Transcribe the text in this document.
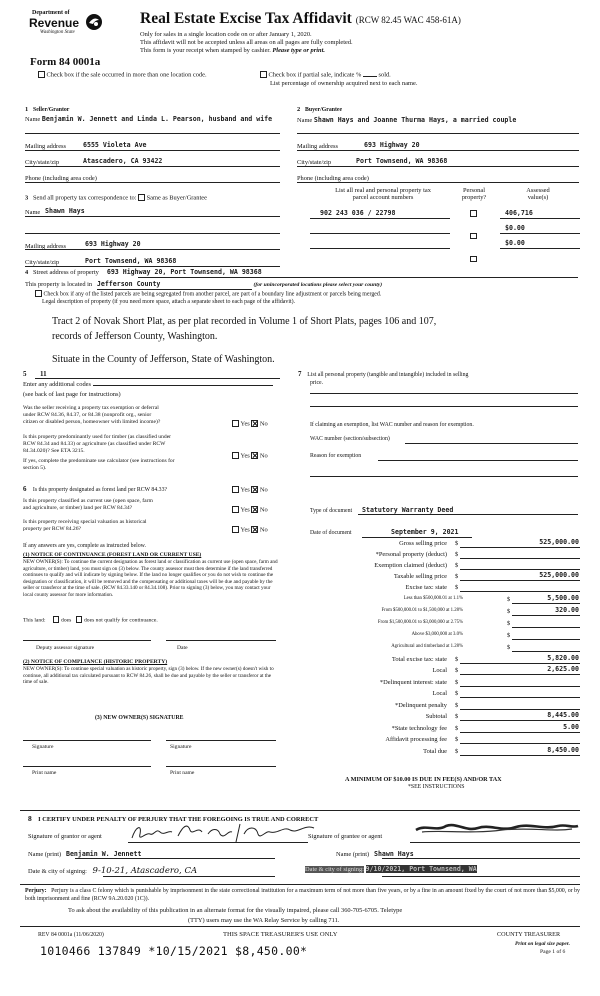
Department of
Revenue
Washington State
Form 84 0001a
Real Estate Excise Tax Affidavit (RCW 82.45 WAC 458-61A)
Only for sales in a single location code on or after January 1, 2020.
This affidavit will not be accepted unless all areas on all pages are fully completed.
This form is your receipt when stamped by cashier. Please type or print.
Check box if the sale occurred in more than one location code.	Check box if partial sale, indicate %	sold.
List percentage of ownership acquired next to each name.
1 Seller/Grantor
Name Benjamin W. Jennett and Linda L. Pearson, husband and wife
Mailing address	6555 Violeta Ave
City/state/zip	Atascadero, CA 93422
Phone (including area code)
2 Buyer/Grantee
Name Shawn Hays and Joanne Thurma Hays, a married couple
Mailing address	693 Highway 20
City/state/zip	Port Townsend, WA 98368
Phone (including area code)
3 Send all property tax correspondence to: Same as Buyer/Grantee
Name Shawn Hays
Mailing address	693 Highway 20
City/state/zip	Port Townsend, WA 98368
List all real and personal property tax
parcel account numbers
Personal
property?
Assessed
value(s)
902 243 036 / 22798	406,716
$0.00
$0.00
4 Street address of property 693 Highway 20, Port Townsend, WA 98368
This property is located in Jefferson County	(for unincorporated locations please select your county)
Check box if any of the listed parcels are being segregated from another parcel, are part of a boundary line adjustment or parcels being merged.
Legal description of property (if you need more space, attach a separate sheet to each page of the affidavit).
Tract 2 of Novak Short Plat, as per plat recorded in Volume 1 of Short Plats, pages 106 and 107,
records of Jefferson County, Washington.
Situate in the County of Jefferson, State of Washington.
5 11
Enter any additional codes
(see back of last page for instructions)
Was the seller receiving a property tax exemption or deferral
under RCW 84.36, 84.37, or 84.38 (nonprofit org., senior
citizen or disabled person, homeowner with limited income)?	Yes No
Is this property predominantly used for timber (as classified under
RCW 84.34 and 84.33) or agriculture (as classified under RCW
84.34.020)? See ETA 3215.
If yes, complete the predominate use calculator (see instructions for
section 5).
Yes No
6 Is this property designated as forest land per RCW 84.33?	Yes No
Is this property classified as current use (open space, farm
and agriculture, or timber) land per RCW 84.34?	Yes No
Is this property receiving special valuation as historical
property per RCW 84.26?	Yes No
If any answers are yes, complete as instructed below.
(1) NOTICE OF CONTINUANCE (FOREST LAND OR CURRENT USE)
NEW OWNER(S): To continue the current designation as forest land or classification as current use (open space, farm and agriculture, or timber) land, you must sign on (3) below. The county assessor must then determine if the land transferred continues to qualify and will indicate by signing below. If the land no longer qualifies or you do not wish to continue the designation or classification, it will be removed and the compensating or additional taxes will be due and payable by the seller or transferor at the time of sale. (RCW 84.33.140 or 84.34.108). Prior to signing (3) below, you may contact your local county assessor for more information.
This land:	does does not qualify for continuance.
Deputy assessor signature	Date
(2) NOTICE OF COMPLIANCE (HISTORIC PROPERTY)
NEW OWNER(S): To continue special valuation as historic property, sign (3) below. If the new owner(s) doesn't wish to continue, all additional tax calculated pursuant to RCW 84.26, shall be due and payable by the seller or transferor at the time of sale.
(3) NEW OWNER(S) SIGNATURE
Signature	Signature
Print name	Print name
7 List all personal property (tangible and intangible) included in selling
price.
If claiming an exemption, list WAC number and reason for exemption.
WAC number (section/subsection)
Reason for exemption
Type of document Statutory Warranty Deed
Date of document	September 9, 2021
Gross selling price $	525,000.00
*Personal property (deduct) $
Exemption claimed (deduct) $
Taxable selling price $	525,000.00
Excise tax: state $
Less than $500,000.01 at 1.1%	$	5,500.00
From $500,000.01 to $1,500,000 at 1.28%	$	320.00
From $1,500,000.01 to $3,000,000 at 2.75%	$
Above $3,000,000 at 3.0%	$
Agricultural and timberland at 1.28%	$
Total excise tax: state $	5,820.00
Local $	2,625.00
*Delinquent interest: state $
Local $
*Delinquent penalty $
Subtotal $	8,445.00
*State technology fee $	5.00
Affidavit processing fee $
Total due $	8,450.00
A MINIMUM OF $10.00 IS DUE IN FEE(S) AND/OR TAX
*SEE INSTRUCTIONS
8 I CERTIFY UNDER PENALTY OF PERJURY THAT THE FOREGOING IS TRUE AND CORRECT
Signature of grantor or agent	Signature of grantee or agent
Name (print) Benjamin W. Jennett	Name (print) Shawn Hays
Date & city of signing: 9-10-21, Atascadero, CA	Date & city of signing: 9/10/2021, Port Townsend, WA
Perjury: Perjury is a class C felony which is punishable by imprisonment in the state correctional institution for a maximum term of not more than five years, or by a fine in an amount fixed by the court of not more than $5,000, or by both imprisonment and fine (RCW 9A.20.020 (1C)).
To ask about the availability of this publication in an alternate format for the visually impaired, please call 360-705-6705. Teletype
(TTY) users may use the WA Relay Service by calling 711.
REV 84 0001a (11/06/2020)	THIS SPACE TREASURER'S USE ONLY	COUNTY TREASURER
Print on legal size paper.
Page 1 of 6
1010466 137849 *10/15/2021 $8,450.00*
